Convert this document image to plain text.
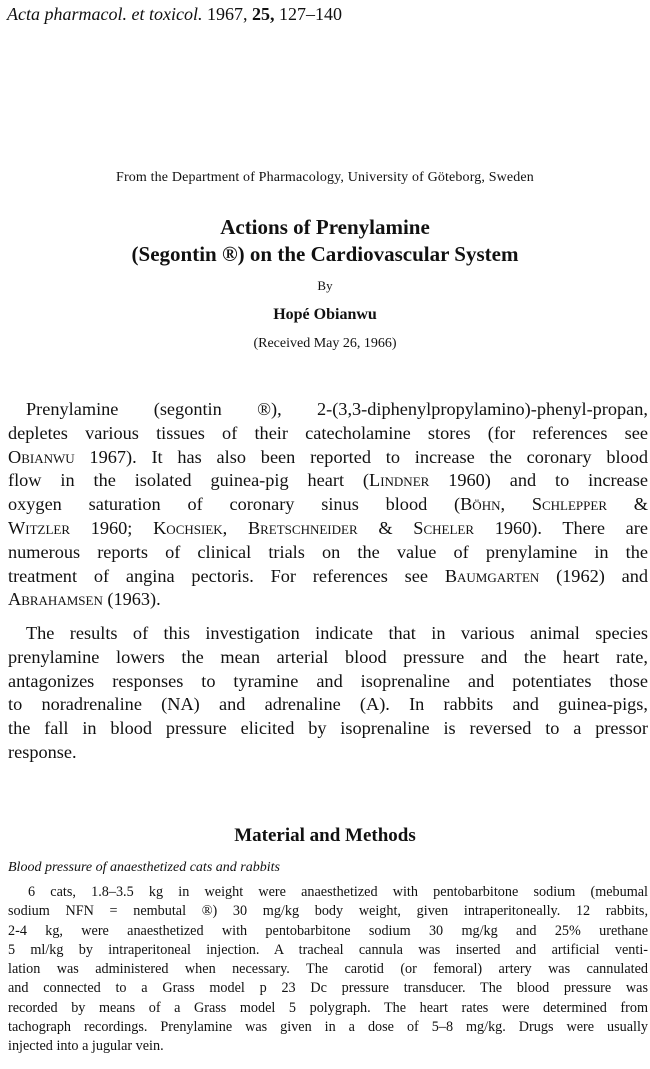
Acta pharmacol. et toxicol. 1967, 25, 127–140
From the Department of Pharmacology, University of Göteborg, Sweden
Actions of Prenylamine
(Segontin ®) on the Cardiovascular System
By
Hopé Obianwu
(Received May 26, 1966)
Prenylamine (segontin ®), 2-(3,3-diphenylpropylamino)-phenyl-propan,
depletes various tissues of their catecholamine stores (for references see
Obianwu 1967). It has also been reported to increase the coronary blood
flow in the isolated guinea-pig heart (Lindner 1960) and to increase
oxygen saturation of coronary sinus blood (Böhn, Schlepper &
Witzler 1960; Kochsiek, Bretschneider & Scheler 1960). There are
numerous reports of clinical trials on the value of prenylamine in the
treatment of angina pectoris. For references see Baumgarten (1962) and
Abrahamsen (1963).
The results of this investigation indicate that in various animal species
prenylamine lowers the mean arterial blood pressure and the heart rate,
antagonizes responses to tyramine and isoprenaline and potentiates those
to noradrenaline (NA) and adrenaline (A). In rabbits and guinea-pigs,
the fall in blood pressure elicited by isoprenaline is reversed to a pressor
response.
Material and Methods
Blood pressure of anaesthetized cats and rabbits
6 cats, 1.8–3.5 kg in weight were anaesthetized with pentobarbitone sodium (mebumal
sodium NFN = nembutal ®) 30 mg/kg body weight, given intraperitoneally. 12 rabbits,
2-4 kg, were anaesthetized with pentobarbitone sodium 30 mg/kg and 25% urethane
5 ml/kg by intraperitoneal injection. A tracheal cannula was inserted and artificial venti-
lation was administered when necessary. The carotid (or femoral) artery was cannulated
and connected to a Grass model p 23 Dc pressure transducer. The blood pressure was
recorded by means of a Grass model 5 polygraph. The heart rates were determined from
tachograph recordings. Prenylamine was given in a dose of 5–8 mg/kg. Drugs were usually
injected into a jugular vein.
